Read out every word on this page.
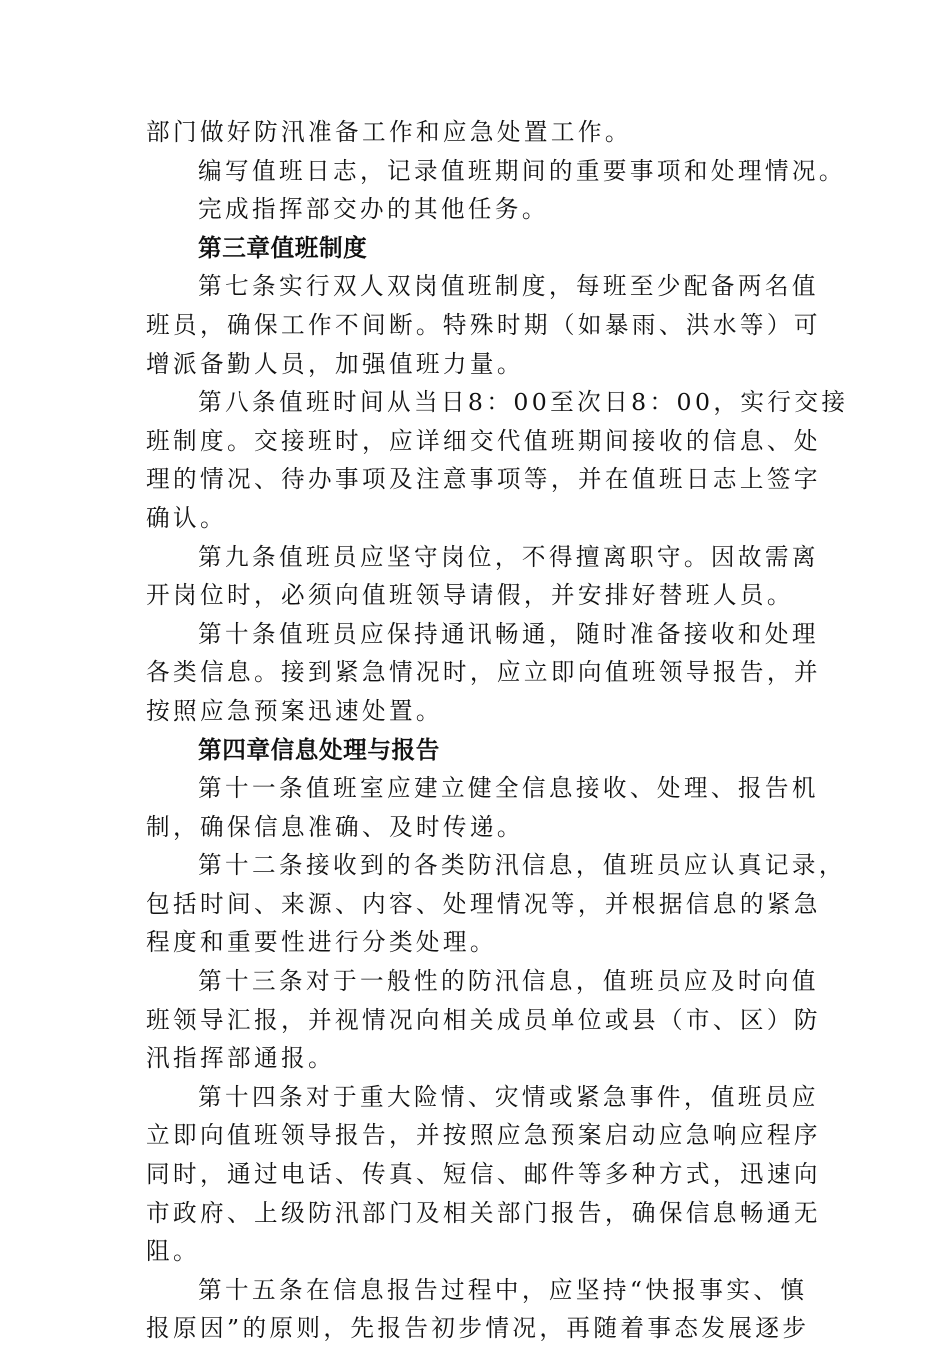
部门做好防汛准备工作和应急处置工作。
编写值班日志，记录值班期间的重要事项和处理情况。
完成指挥部交办的其他任务。
第三章值班制度
第七条实行双人双岗值班制度，每班至少配备两名值
班员，确保工作不间断。特殊时期（如暴雨、洪水等）可
增派备勤人员，加强值班力量。
第八条值班时间从当日8：00至次日8：00，实行交接
班制度。交接班时，应详细交代值班期间接收的信息、处
理的情况、待办事项及注意事项等，并在值班日志上签字
确认。
第九条值班员应坚守岗位，不得擅离职守。因故需离
开岗位时，必须向值班领导请假，并安排好替班人员。
第十条值班员应保持通讯畅通，随时准备接收和处理
各类信息。接到紧急情况时，应立即向值班领导报告，并
按照应急预案迅速处置。
第四章信息处理与报告
第十一条值班室应建立健全信息接收、处理、报告机
制，确保信息准确、及时传递。
第十二条接收到的各类防汛信息，值班员应认真记录，
包括时间、来源、内容、处理情况等，并根据信息的紧急
程度和重要性进行分类处理。
第十三条对于一般性的防汛信息，值班员应及时向值
班领导汇报，并视情况向相关成员单位或县（市、区）防
汛指挥部通报。
第十四条对于重大险情、灾情或紧急事件，值班员应
立即向值班领导报告，并按照应急预案启动应急响应程序
同时，通过电话、传真、短信、邮件等多种方式，迅速向
市政府、上级防汛部门及相关部门报告，确保信息畅通无
阻。
第十五条在信息报告过程中，应坚持“快报事实、慎
报原因”的原则，先报告初步情况，再随着事态发展逐步
